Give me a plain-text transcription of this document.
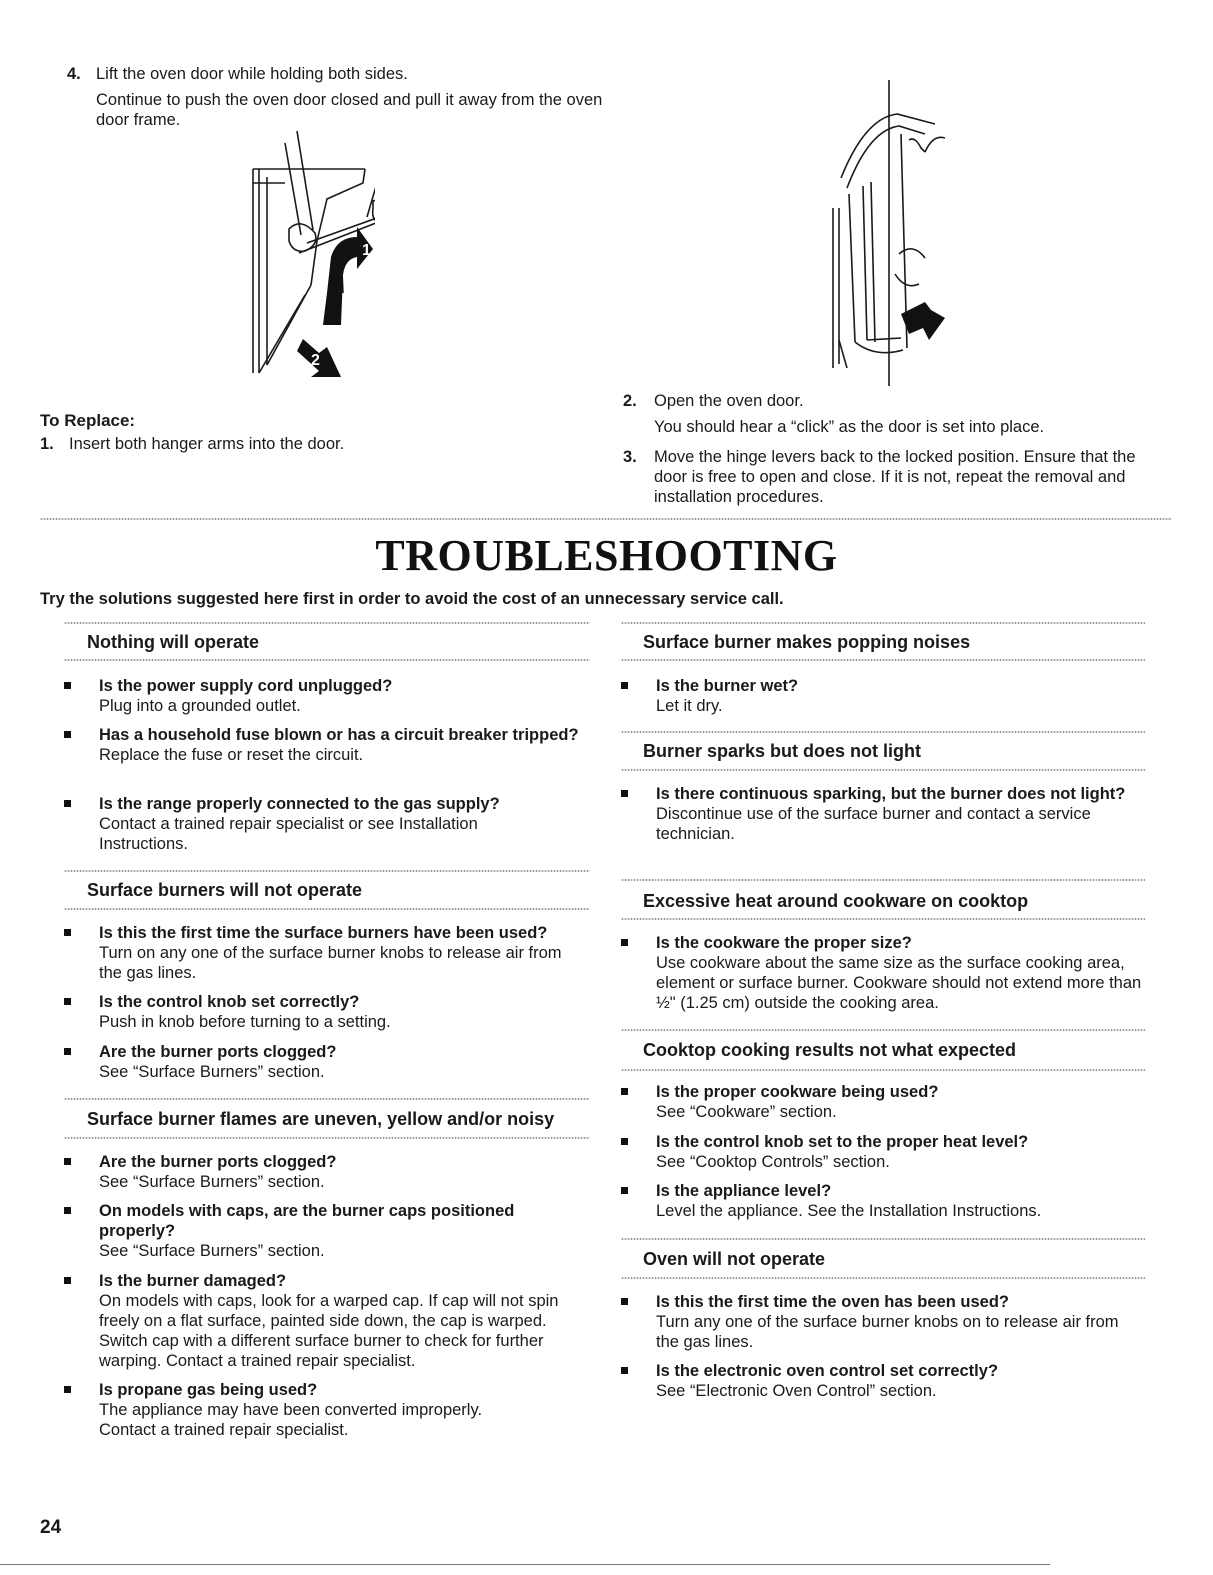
4. Lift the oven door while holding both sides.

Continue to push the oven door closed and pull it away from the oven door frame.

1
2
To Replace:
1. Insert both hanger arms into the door.

2. Open the oven door.

You should hear a “click” as the door is set into place.

3. Move the hinge levers back to the locked position. Ensure that the door is free to open and close. If it is not, repeat the removal and installation procedures.

TROUBLESHOOTING
Try the solutions suggested here first in order to avoid the cost of an unnecessary service call.
Nothing will operate
Is the power supply cord unplugged?
Plug into a grounded outlet.
Has a household fuse blown or has a circuit breaker tripped?
Replace the fuse or reset the circuit.
Is the range properly connected to the gas supply?
Contact a trained repair specialist or see Installation Instructions.
Surface burners will not operate
Is this the first time the surface burners have been used?
Turn on any one of the surface burner knobs to release air from the gas lines.
Is the control knob set correctly?
Push in knob before turning to a setting.
Are the burner ports clogged?
See “Surface Burners” section.
Surface burner flames are uneven, yellow and/or noisy
Are the burner ports clogged?
See “Surface Burners” section.
On models with caps, are the burner caps positioned properly?
See “Surface Burners” section.
Is the burner damaged?
On models with caps, look for a warped cap. If cap will not spin freely on a flat surface, painted side down, the cap is warped. Switch cap with a different surface burner to check for further warping. Contact a trained repair specialist.
Is propane gas being used?
The appliance may have been converted improperly. Contact a trained repair specialist.
Surface burner makes popping noises
Is the burner wet?
Let it dry.
Burner sparks but does not light
Is there continuous sparking, but the burner does not light?
Discontinue use of the surface burner and contact a service technician.
Excessive heat around cookware on cooktop
Is the cookware the proper size?
Use cookware about the same size as the surface cooking area, element or surface burner. Cookware should not extend more than ½" (1.25 cm) outside the cooking area.
Cooktop cooking results not what expected
Is the proper cookware being used?
See “Cookware” section.
Is the control knob set to the proper heat level?
See “Cooktop Controls” section.
Is the appliance level?
Level the appliance. See the Installation Instructions.
Oven will not operate
Is this the first time the oven has been used?
Turn any one of the surface burner knobs on to release air from the gas lines.
Is the electronic oven control set correctly?
See “Electronic Oven Control” section.
24
